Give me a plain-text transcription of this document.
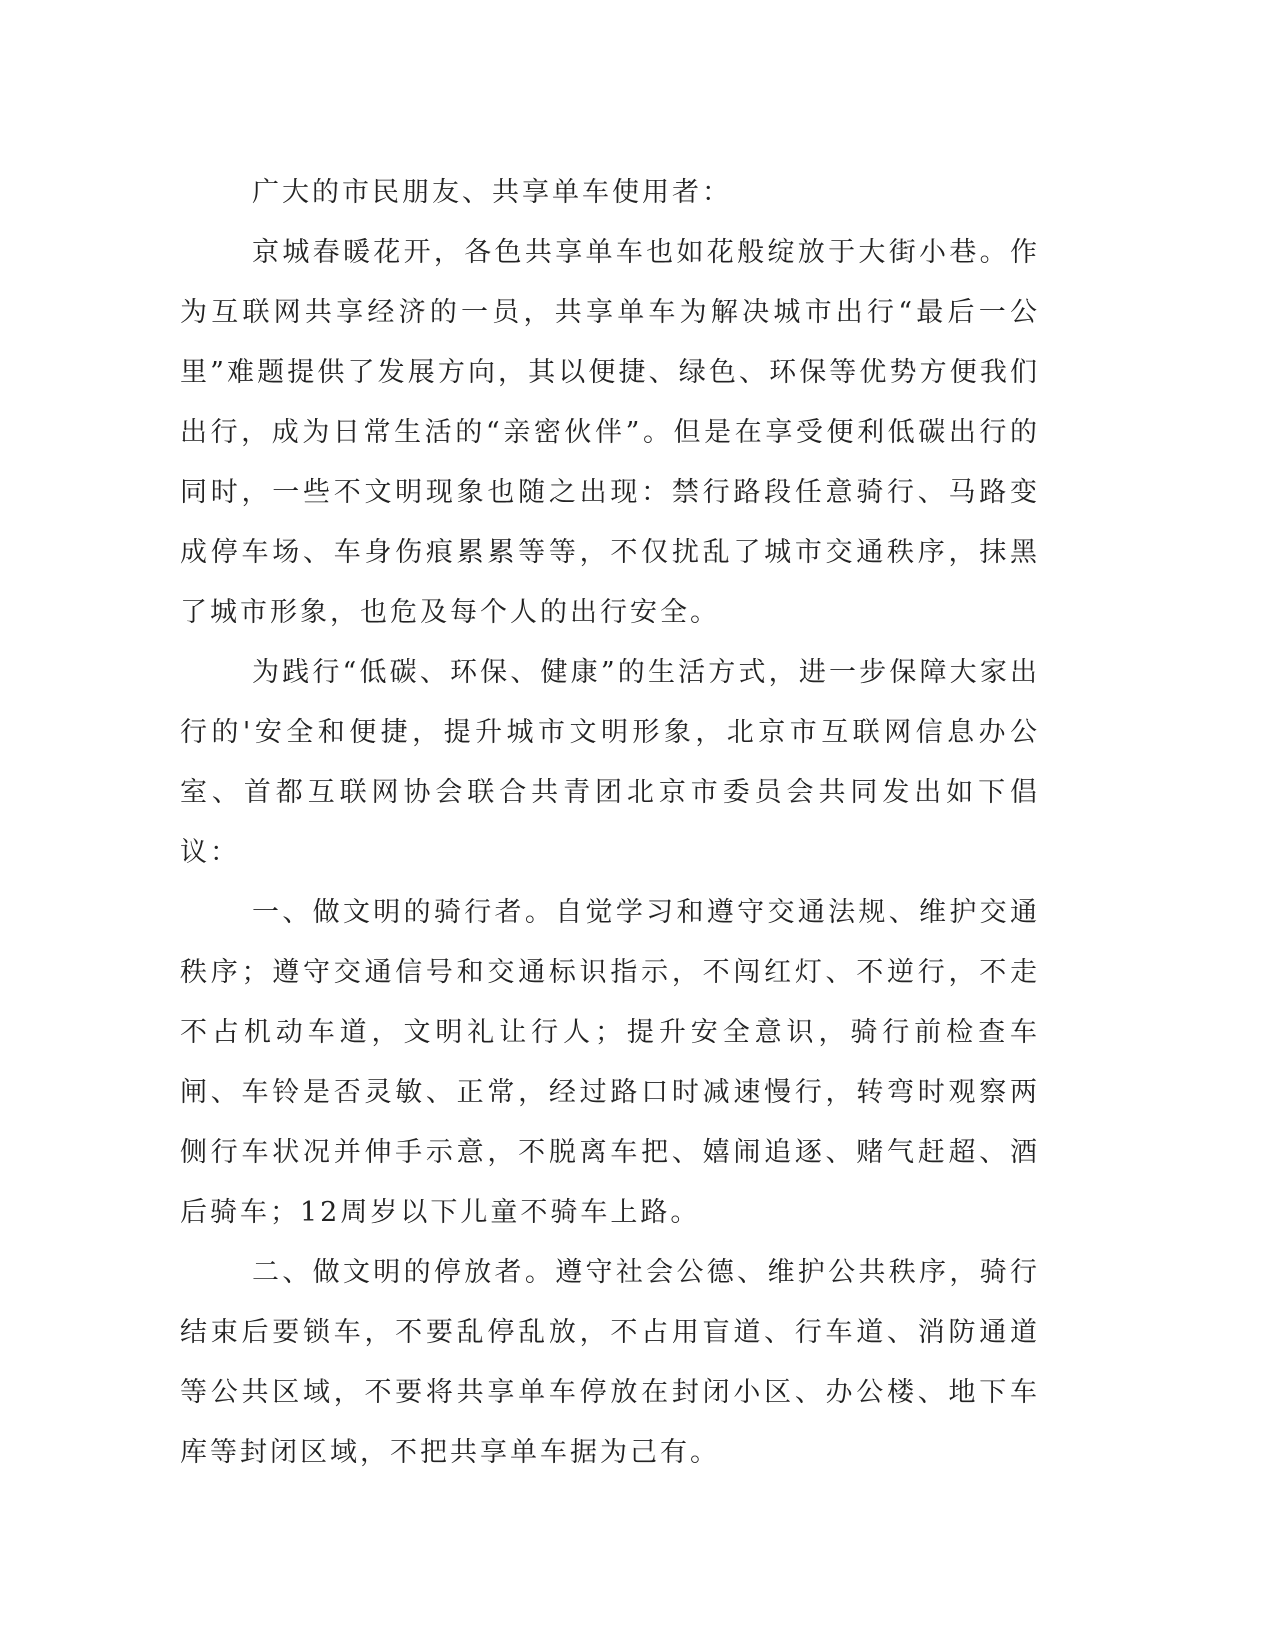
广大的市民朋友、共享单车使用者：

京城春暖花开，各色共享单车也如花般绽放于大街小巷。作为互联网共享经济的一员，共享单车为解决城市出行“最后一公里”难题提供了发展方向，其以便捷、绿色、环保等优势方便我们出行，成为日常生活的“亲密伙伴”。但是在享受便利低碳出行的同时，一些不文明现象也随之出现：禁行路段任意骑行、马路变成停车场、车身伤痕累累等等，不仅扰乱了城市交通秩序，抹黑了城市形象，也危及每个人的出行安全。

为践行“低碳、环保、健康”的生活方式，进一步保障大家出行的'安全和便捷，提升城市文明形象，北京市互联网信息办公室、首都互联网协会联合共青团北京市委员会共同发出如下倡议：

一、做文明的骑行者。自觉学习和遵守交通法规、维护交通秩序；遵守交通信号和交通标识指示，不闯红灯、不逆行，不走不占机动车道，文明礼让行人；提升安全意识，骑行前检查车闸、车铃是否灵敏、正常，经过路口时减速慢行，转弯时观察两侧行车状况并伸手示意，不脱离车把、嬉闹追逐、赌气赶超、酒后骑车；12周岁以下儿童不骑车上路。

二、做文明的停放者。遵守社会公德、维护公共秩序，骑行结束后要锁车，不要乱停乱放，不占用盲道、行车道、消防通道等公共区域，不要将共享单车停放在封闭小区、办公楼、地下车库等封闭区域，不把共享单车据为己有。
